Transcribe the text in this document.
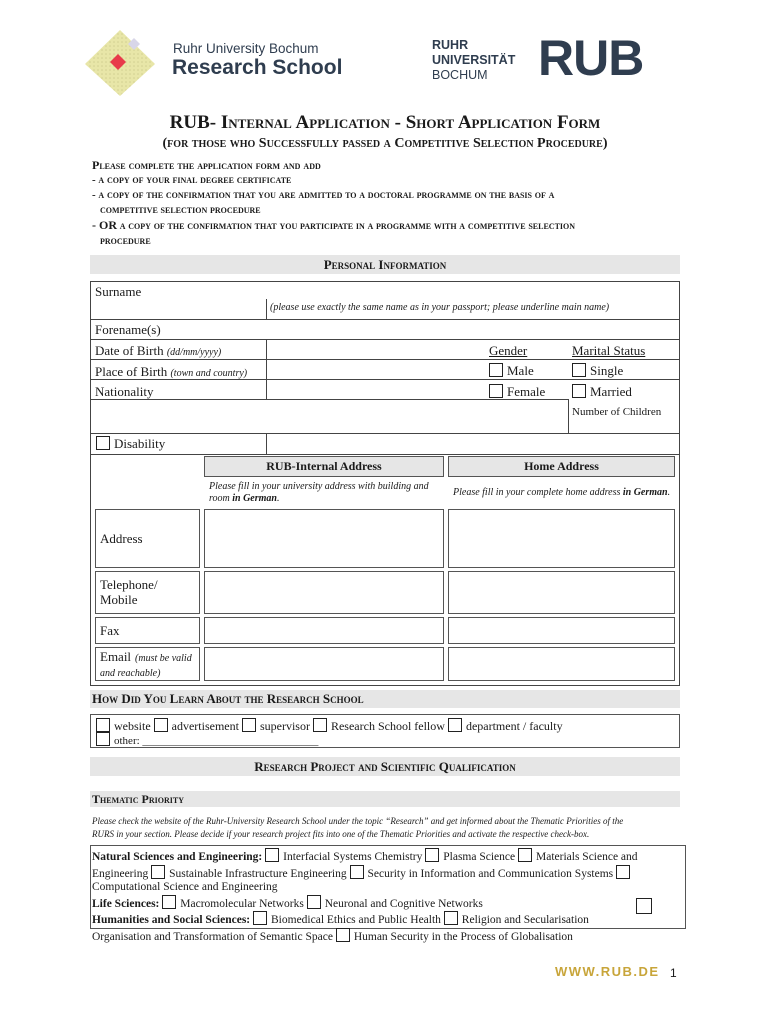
Ruhr University Bochum
Research School
RUHR
UNIVERSITÄT
BOCHUM	RUB
RUB- Internal Application - Short Application Form
(for those who Successfully passed a Competitive Selection Procedure)
Please complete the application form and add
- a copy of your final degree certificate
- a copy of the confirmation that you are admitted to a doctoral programme on the basis of a
competitive selection procedure
- OR a copy of the confirmation that you participate in a programme with a competitive selection
procedure
Personal Information
Surname
(please use exactly the same name as in your passport; please underline main name)
Forename(s)
Date of Birth (dd/mm/yyyy)
Place of Birth (town and country)
Nationality
Gender
Male
Female
Marital Status
Single
Married
Number of Children
Disability
RUB-Internal Address	Home Address
Please fill in your university address with building and
room in German.
Please fill in your complete home address in German.
Address
Telephone/
Mobile
Fax
Email (must be valid
and reachable)
How Did You Learn About the Research School
website advertisement supervisor Research School fellow department / faculty
other: ________________________________
Research Project and Scientific Qualification
Thematic Priority
Please check the website of the Ruhr-University Research School under the topic “Research” and get informed about the Thematic Priorities of the
RURS in your section. Please decide if your research project fits into one of the Thematic Priorities and activate the respective check-box.
Natural Sciences and Engineering: Interfacial Systems Chemistry Plasma Science Materials Science and
Engineering Sustainable Infrastructure Engineering Security in Information and Communication Systems
Computational Science and Engineering
Life Sciences: Macromolecular Networks Neuronal and Cognitive Networks
Humanities and Social Sciences: Biomedical Ethics and Public Health Religion and Secularisation
Organisation and Transformation of Semantic Space Human Security in the Process of Globalisation
WWW.RUB.DE 1
